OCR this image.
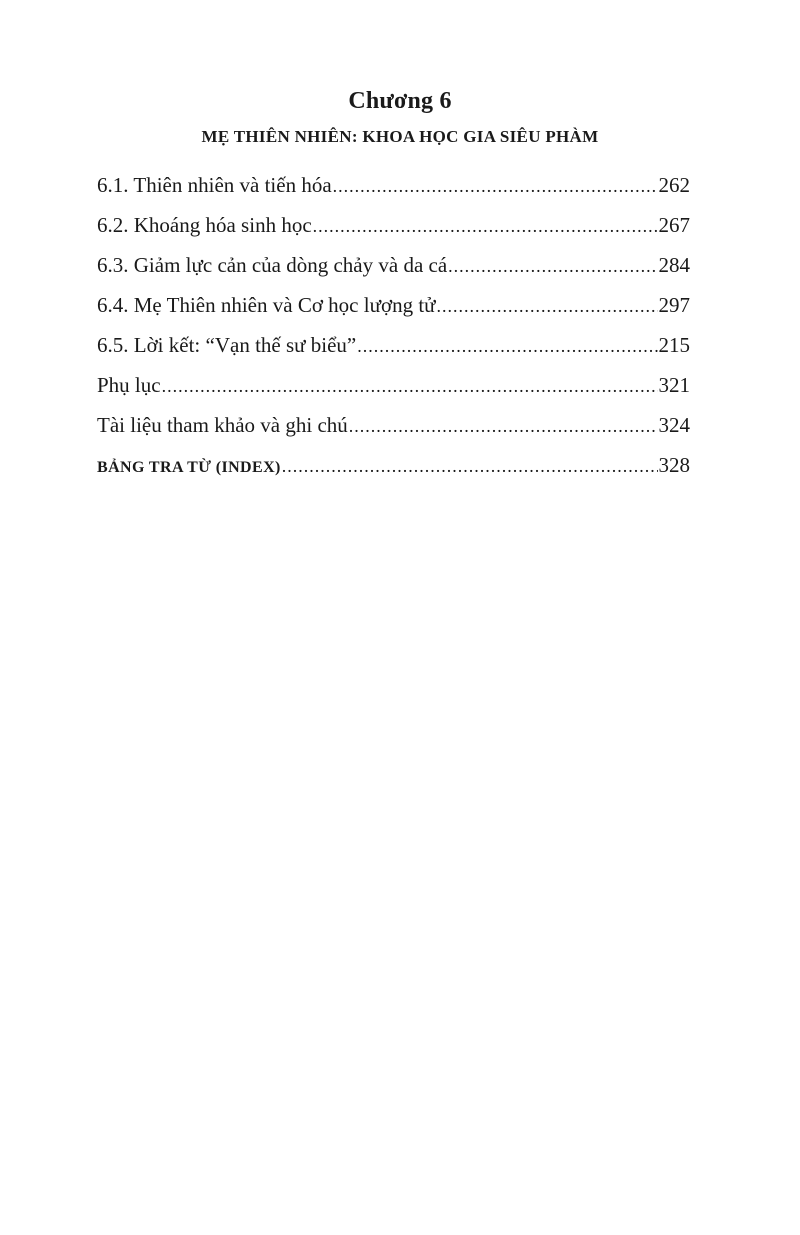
Chương 6
MẸ THIÊN NHIÊN: KHOA HỌC GIA SIÊU PHÀM
6.1. Thiên nhiên và tiến hóa .....	262
6.2. Khoáng hóa sinh học .....	267
6.3. Giảm lực cản của dòng chảy và da cá .....	284
6.4. Mẹ Thiên nhiên và Cơ học lượng tử .....	297
6.5. Lời kết: “Vạn thế sư biểu” .....	215
Phụ lục .....	321
Tài liệu tham khảo và ghi chú .....	324
BẢNG TRA TỪ (INDEX) .....	328
